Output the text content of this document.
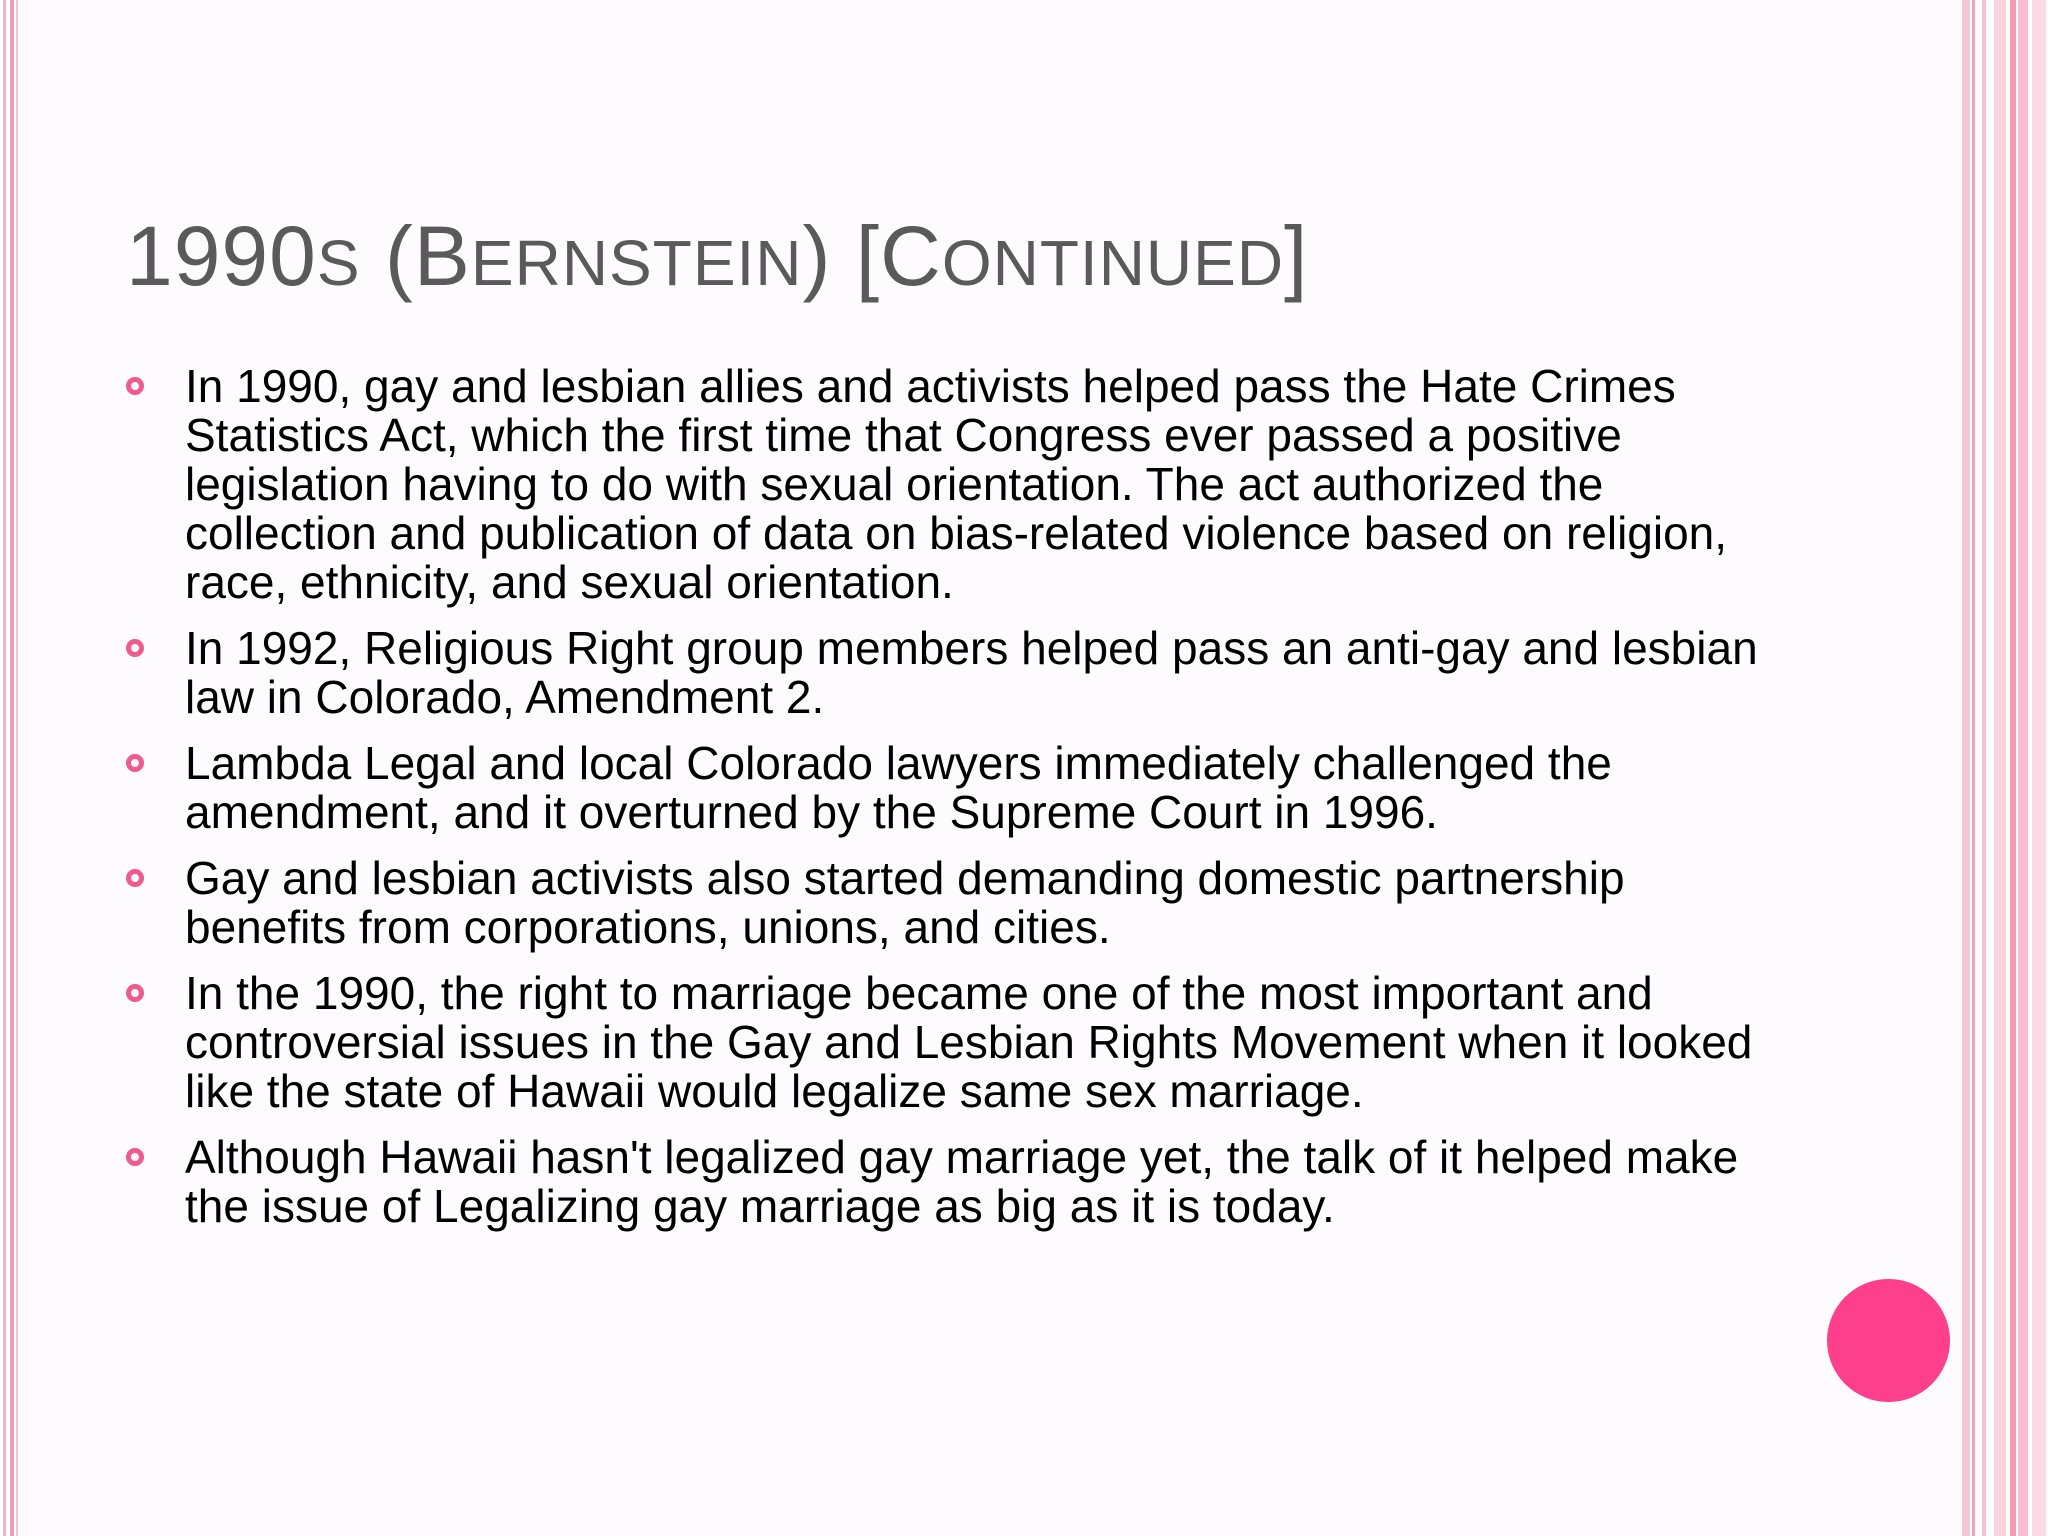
1990S (BERNSTEIN) [CONTINUED]
In 1990, gay and lesbian allies and activists helped pass the Hate Crimes Statistics Act, which the first time that Congress ever passed a positive legislation having to do with sexual orientation. The act authorized the collection and publication of data on bias-related violence based on religion, race, ethnicity, and sexual orientation.
In 1992, Religious Right group members helped pass an anti-gay and lesbian law in Colorado, Amendment 2.
Lambda Legal and local Colorado lawyers immediately challenged the amendment, and it overturned by the Supreme Court in 1996.
Gay and lesbian activists also started demanding domestic partnership benefits from corporations, unions, and cities.
In the 1990, the right to marriage became one of the most important and controversial issues in the Gay and Lesbian Rights Movement when it looked like the state of Hawaii would legalize same sex marriage.
Although Hawaii hasn't legalized gay marriage yet, the talk of it helped make the issue of Legalizing gay marriage as big as it is today.
